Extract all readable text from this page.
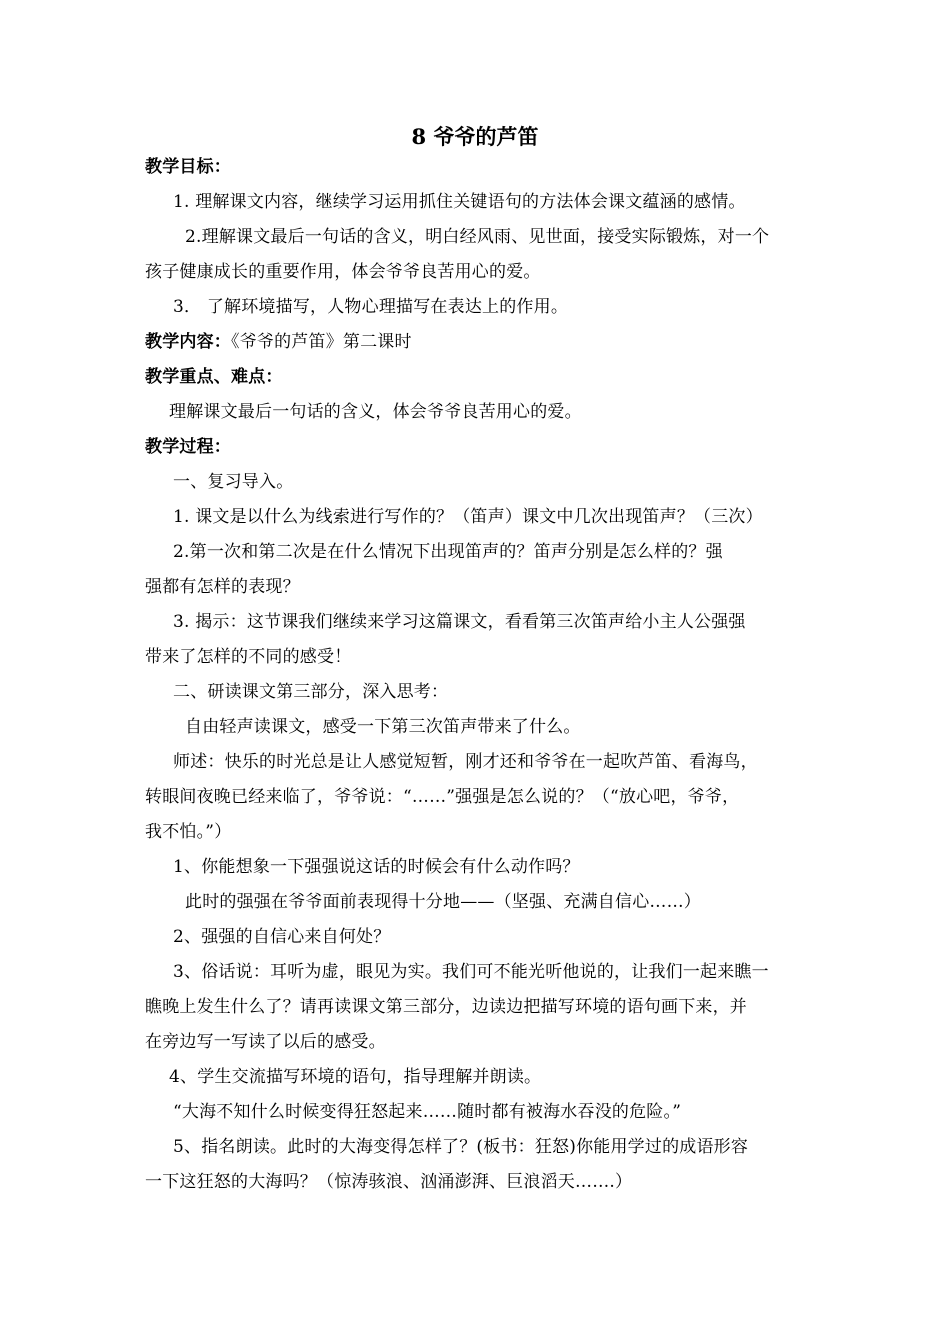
8 爷爷的芦笛
教学目标：
1. 理解课文内容，继续学习运用抓住关键语句的方法体会课文蕴涵的感情。
2.理解课文最后一句话的含义，明白经风雨、见世面，接受实际锻炼，对一个
孩子健康成长的重要作用，体会爷爷良苦用心的爱。
3． 了解环境描写，人物心理描写在表达上的作用。
教学内容：《爷爷的芦笛》第二课时
教学重点、难点：
理解课文最后一句话的含义，体会爷爷良苦用心的爱。
教学过程：
一、复习导入。
1. 课文是以什么为线索进行写作的？（笛声）课文中几次出现笛声？（三次）
2.第一次和第二次是在什么情况下出现笛声的？笛声分别是怎么样的？强
强都有怎样的表现？
3. 揭示：这节课我们继续来学习这篇课文，看看第三次笛声给小主人公强强
带来了怎样的不同的感受！
二、研读课文第三部分，深入思考：
自由轻声读课文，感受一下第三次笛声带来了什么。
师述：快乐的时光总是让人感觉短暂，刚才还和爷爷在一起吹芦笛、看海鸟，
转眼间夜晚已经来临了，爷爷说：“……”强强是怎么说的？（“放心吧，爷爷，
我不怕。”）
1、你能想象一下强强说这话的时候会有什么动作吗？
此时的强强在爷爷面前表现得十分地——（坚强、充满自信心……）
2、强强的自信心来自何处？
3、俗话说：耳听为虚，眼见为实。我们可不能光听他说的，让我们一起来瞧一
瞧晚上发生什么了？请再读课文第三部分，边读边把描写环境的语句画下来，并
在旁边写一写读了以后的感受。
4、学生交流描写环境的语句，指导理解并朗读。
“大海不知什么时候变得狂怒起来……随时都有被海水吞没的危险。”
5、指名朗读。此时的大海变得怎样了？(板书：狂怒)你能用学过的成语形容
一下这狂怒的大海吗？（惊涛骇浪、汹涌澎湃、巨浪滔天…….）
